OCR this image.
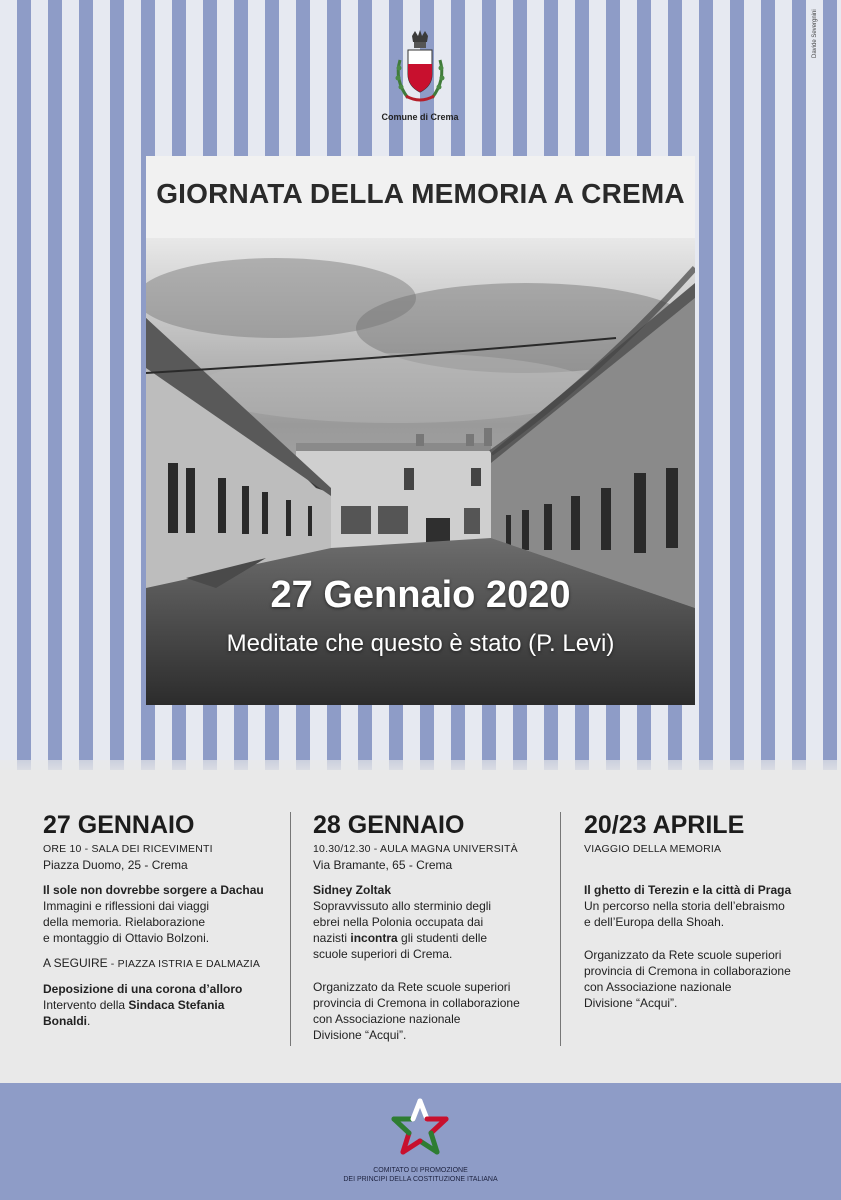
Davide Severgnini
Comune di Crema
GIORNATA DELLA MEMORIA A CREMA
27 Gennaio 2020
Meditate che questo è stato (P. Levi)
27 GENNAIO
ORE 10 - SALA DEI RICEVIMENTI
Piazza Duomo, 25 - Crema
Il sole non dovrebbe sorgere a Dachau
Immagini e riflessioni dai viaggi
della memoria. Rielaborazione
e montaggio di Ottavio Bolzoni.
A SEGUIRE - PIAZZA ISTRIA E DALMAZIA
Deposizione di una corona d’alloro
Intervento della Sindaca Stefania Bonaldi.
28 GENNAIO
10.30/12.30 - AULA MAGNA UNIVERSITÀ
Via Bramante, 65 - Crema
Sidney Zoltak
Sopravvissuto allo sterminio degli
ebrei nella Polonia occupata dai
nazisti incontra gli studenti delle
scuole superiori di Crema.
Organizzato da Rete scuole superiori
provincia di Cremona in collaborazione
con Associazione nazionale
Divisione “Acqui”.
20/23 APRILE
VIAGGIO DELLA MEMORIA
Il ghetto di Terezin e la città di Praga
Un percorso nella storia dell’ebraismo
e dell’Europa della Shoah.
Organizzato da Rete scuole superiori
provincia di Cremona in collaborazione
con Associazione nazionale
Divisione “Acqui”.
COMITATO DI PROMOZIONE
DEI PRINCIPI DELLA COSTITUZIONE ITALIANA
